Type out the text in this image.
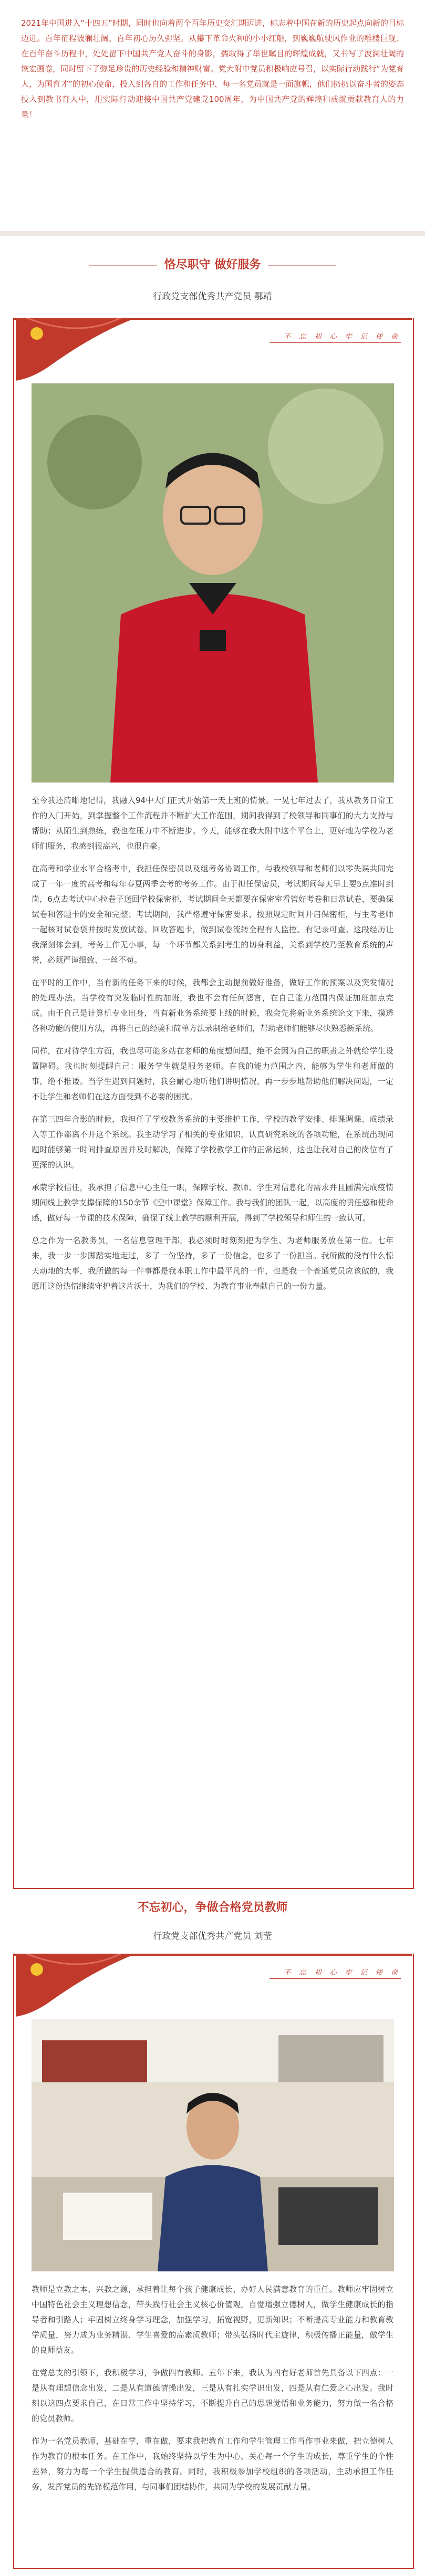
2021年中国进入“十四五”时期，同时也向着两个百年历史交汇期迈进，标志着中国在新的历史起点向新的目标迈进。百年征程波澜壮阔，百年初心历久弥坚。从攥下革命火种的小小红船，到巍巍航驶风作业的雕楼巨舰；在百年奋斗历程中，处处留下中国共产党人奋斗的身影，孺取得了举世瞩目的辉煌成就，又书写了波澜壮阔的恢宏画卷，同时留下了弥足珍贵的历史经验和精神财富。党大附中党员积极响应号召，以实际行动践行“为党育人，为国育才”的初心使命，投入到各自的工作和任务中，每一名党员就是一面旗帜，他们扔扔以奋斗者的姿态投入到教书育人中，用实际行动迎接中国共产党建党100周年，为中国共产党的辉煌和成就贡献教育人的力量！

恪尽职守 做好服务
行政党支部优秀共产党员 鄂靖
不 忘 初 心 牢 记 使 命

至今我还清晰地记得，我融入94中大门正式开始第一天上班的情景。一晃七年过去了，我从教务日常工作的入门开始，到掌握整个工作流程并不断扩大工作范围，期间我得到了校领导和同事们的大力支持与帮助；从陌生到熟练，我也在压力中不断进步。今天，能够在我大附中这个平台上，更好地为学校为老师们服务，我感到很高兴，也很自豪。

在高考和学业水平合格考中，我担任保密员以及组考务协调工作，与我校领导和老师们以零失误共同完成了一年一度的高考和每年春夏两季会考的考务工作。由于担任保密员，考试期间每天早上要5点准时到岗，6点去考试中心拉卷子送回学校保密柜，考试期间全天都要在保密室看管好考卷和日常试卷，要确保试卷和答题卡的安全和完整；考试期间，我严格遵守保密要求，按照规定时间开启保密柜，与主考老师一起核对试卷袋并按时发放试卷、回收答题卡，做到试卷流转全程有人监控、有记录可查。这段经历让我深刻体会到，考务工作无小事，每一个环节都关系到考生的切身利益，关系到学校乃至教育系统的声誉，必须严谨细致、一丝不苟。

在平时的工作中，当有新的任务下来的时候，我都会主动提前做好准备，做好工作的预案以及突发情况的处理办法。当学校有突发临时性的加班，我也不会有任何怨言，在自己能力范围内保证加班加点完成。由于自己是计算机专业出身，当有新业务系统要上线的时候，我会先将新业务系统论文下来，摸透各种功能的使用方法，再将自己的经验和简单方法录制给老师们，帮助老师们能够尽快熟悉新系统。

同样，在对待学生方面，我也尽可能多站在老师的角度想问题，绝不会因为自己的职责之外就给学生设置障碍。我也时刻提醒自己：服务学生就是服务老师。在我的能力范围之内，能够为学生和老师做的事，绝不推诿。当学生遇到问题时，我会耐心地听他们讲明情况，再一步步地帮助他们解决问题，一定不让学生和老师们在这方面受到不必要的困扰。

在第三四年合影的时候，我担任了学校教务系统的主要维护工作，学校的教学安排、排课调课、成绩录入等工作都离不开这个系统。我主动学习了相关的专业知识，认真研究系统的各项功能，在系统出现问题时能够第一时间排查原因并及时解决，保障了学校教学工作的正常运转，这也让我对自己的岗位有了更深的认识。

承蒙学校信任，我承担了信息中心主任一职，保障学校、教师、学生对信息化的需求并且圆满完成疫情期间线上教学支撑保障的150余节《空中课堂》保障工作。我与我们的团队一起，以高度的责任感和使命感，做好每一节课的技术保障，确保了线上教学的顺利开展，得到了学校领导和师生的一致认可。

总之作为一名教务员，一名信息管理干部，我必须时时刻刻把为学生、为老师服务放在第一位。七年来，我一步一步脚踏实地走过，多了一份坚持，多了一份信念，也多了一份担当。我所做的没有什么惊天动地的大事，我所做的每一件事都是我本职工作中最平凡的一件，也是我一个普通党员应该做的，我愿用这份热情继续守护着这片沃土，为我们的学校、为教育事业奉献自己的一份力量。

不忘初心，争做合格党员教师
行政党支部优秀共产党员 刘莹
不 忘 初 心 牢 记 使 命

教师是立教之本、兴教之源，承担着让每个孩子健康成长、办好人民满意教育的重任。教师应牢固树立中国特色社会主义理想信念，带头践行社会主义核心价值观，自觉增强立德树人，做学生健康成长的指导者和引路人；牢固树立终身学习理念，加强学习，拓宽视野，更新知识；不断提高专业能力和教育教学质量，努力成为业务精湛、学生喜爱的高素质教师；带头弘扬时代主旋律，积极传播正能量，做学生的良师益友。

在党总支的引领下，我积极学习，争做四有教师。五年下来，我认为四有好老师首先具备以下四点：一是从有理想信念出发，二是从有道德情操出发，三是从有扎实学识出发，四是从有仁爱之心出发。我时刻以这四点要求自己，在日常工作中坚持学习，不断提升自己的思想觉悟和业务能力，努力做一名合格的党员教师。

作为一名党员教师，基础在学，重在做，要求我把教育工作和学生管理工作当作事业来做，把立德树人作为教育的根本任务。在工作中，我始终坚持以学生为中心，关心每一个学生的成长，尊重学生的个性差异，努力为每一个学生提供适合的教育。同时，我积极参加学校组织的各项活动，主动承担工作任务，发挥党员的先锋模范作用，与同事们团结协作，共同为学校的发展贡献力量。
